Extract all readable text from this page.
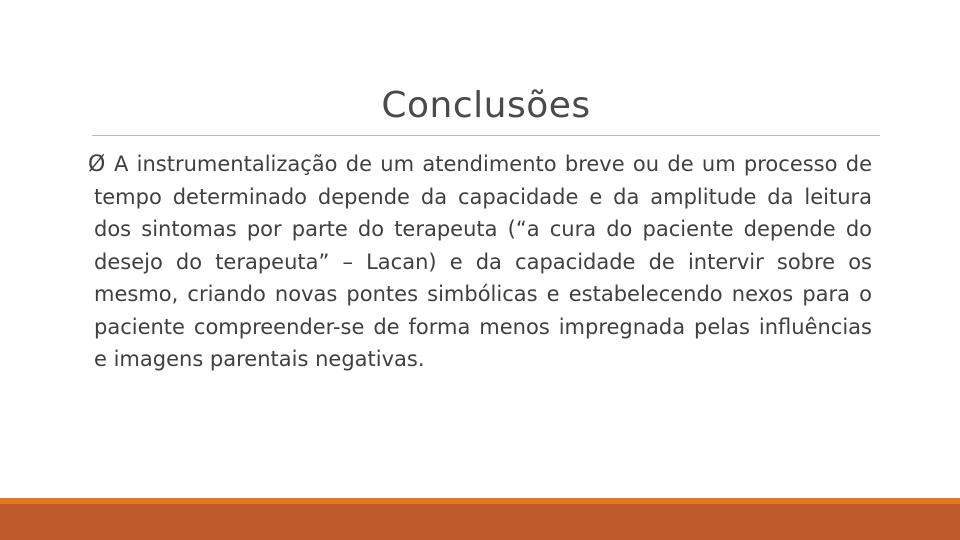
Conclusões
Ø A instrumentalização de um atendimento breve ou de um processo de tempo determinado depende da capacidade e da amplitude da leitura dos sintomas por parte do terapeuta (“a cura do paciente depende do desejo do terapeuta” – Lacan) e da capacidade de intervir sobre os mesmo, criando novas pontes simbólicas e estabelecendo nexos para o paciente compreender-se de forma menos impregnada pelas influências e imagens parentais negativas.
